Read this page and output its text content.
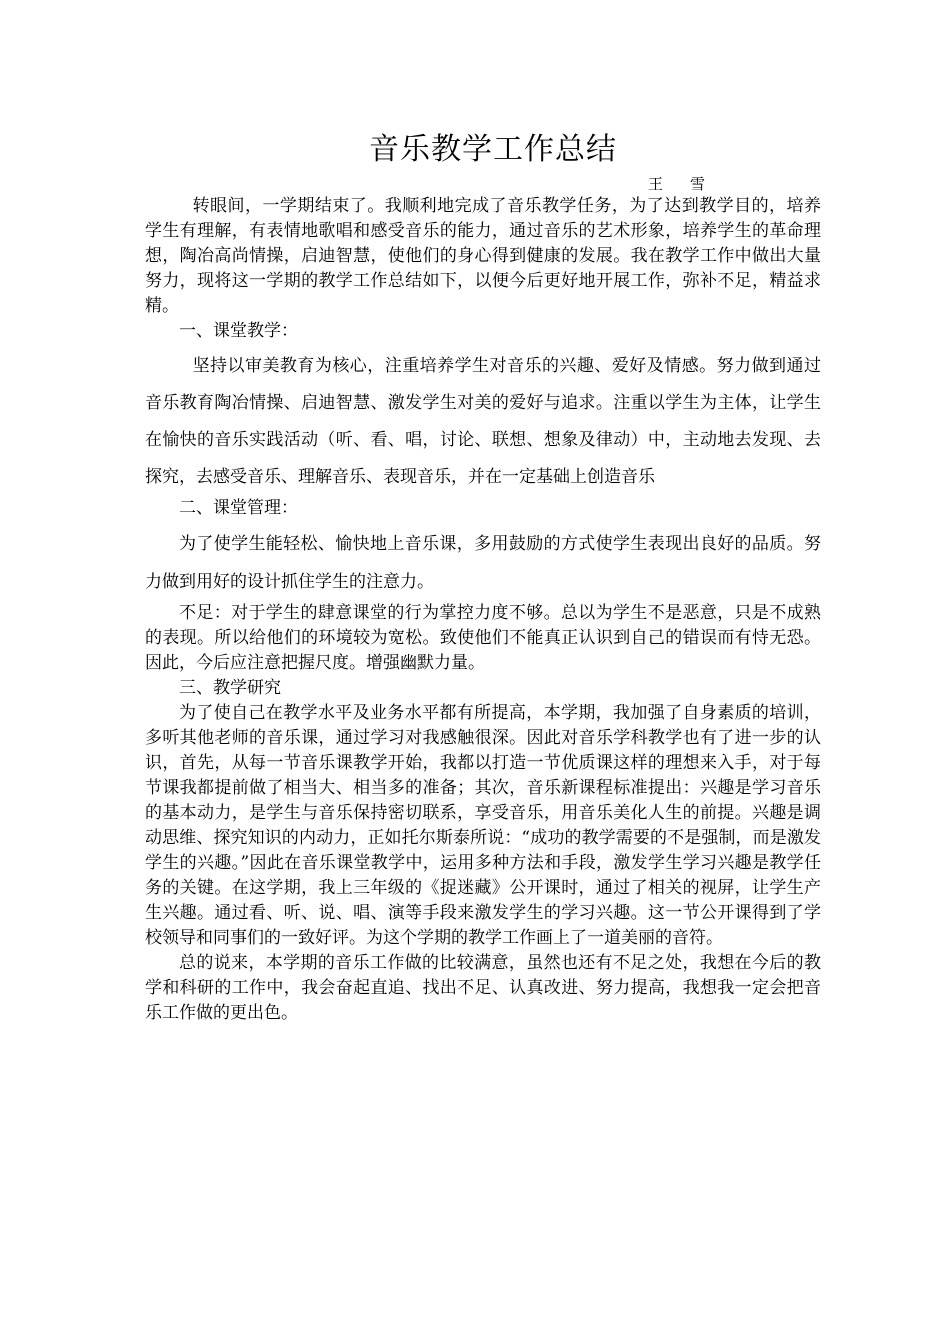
音乐教学工作总结
王　雪

转眼间，一学期结束了。我顺利地完成了音乐教学任务，为了达到教学目的，培养学生有理解，有表情地歌唱和感受音乐的能力，通过音乐的艺术形象，培养学生的革命理想，陶冶高尚情操，启迪智慧，使他们的身心得到健康的发展。我在教学工作中做出大量努力，现将这一学期的教学工作总结如下，以便今后更好地开展工作，弥补不足，精益求精。

一、课堂教学：

坚持以审美教育为核心，注重培养学生对音乐的兴趣、爱好及情感。努力做到通过音乐教育陶冶情操、启迪智慧、激发学生对美的爱好与追求。注重以学生为主体，让学生在愉快的音乐实践活动（听、看、唱，讨论、联想、想象及律动）中，主动地去发现、去探究，去感受音乐、理解音乐、表现音乐，并在一定基础上创造音乐

二、课堂管理：

为了使学生能轻松、愉快地上音乐课，多用鼓励的方式使学生表现出良好的品质。努力做到用好的设计抓住学生的注意力。

不足：对于学生的肆意课堂的行为掌控力度不够。总以为学生不是恶意，只是不成熟的表现。所以给他们的环境较为宽松。致使他们不能真正认识到自己的错误而有恃无恐。因此，今后应注意把握尺度。增强幽默力量。

三、教学研究

为了使自己在教学水平及业务水平都有所提高，本学期，我加强了自身素质的培训，多听其他老师的音乐课，通过学习对我感触很深。因此对音乐学科教学也有了进一步的认识，首先，从每一节音乐课教学开始，我都以打造一节优质课这样的理想来入手，对于每节课我都提前做了相当大、相当多的准备；其次，音乐新课程标准提出：兴趣是学习音乐的基本动力，是学生与音乐保持密切联系，享受音乐，用音乐美化人生的前提。兴趣是调动思维、探究知识的内动力，正如托尔斯泰所说：“成功的教学需要的不是强制，而是激发学生的兴趣。”因此在音乐课堂教学中，运用多种方法和手段，激发学生学习兴趣是教学任务的关键。在这学期，我上三年级的《捉迷藏》公开课时，通过了相关的视屏，让学生产生兴趣。通过看、听、说、唱、演等手段来激发学生的学习兴趣。这一节公开课得到了学校领导和同事们的一致好评。为这个学期的教学工作画上了一道美丽的音符。

总的说来，本学期的音乐工作做的比较满意，虽然也还有不足之处，我想在今后的教学和科研的工作中，我会奋起直追、找出不足、认真改进、努力提高，我想我一定会把音乐工作做的更出色。
